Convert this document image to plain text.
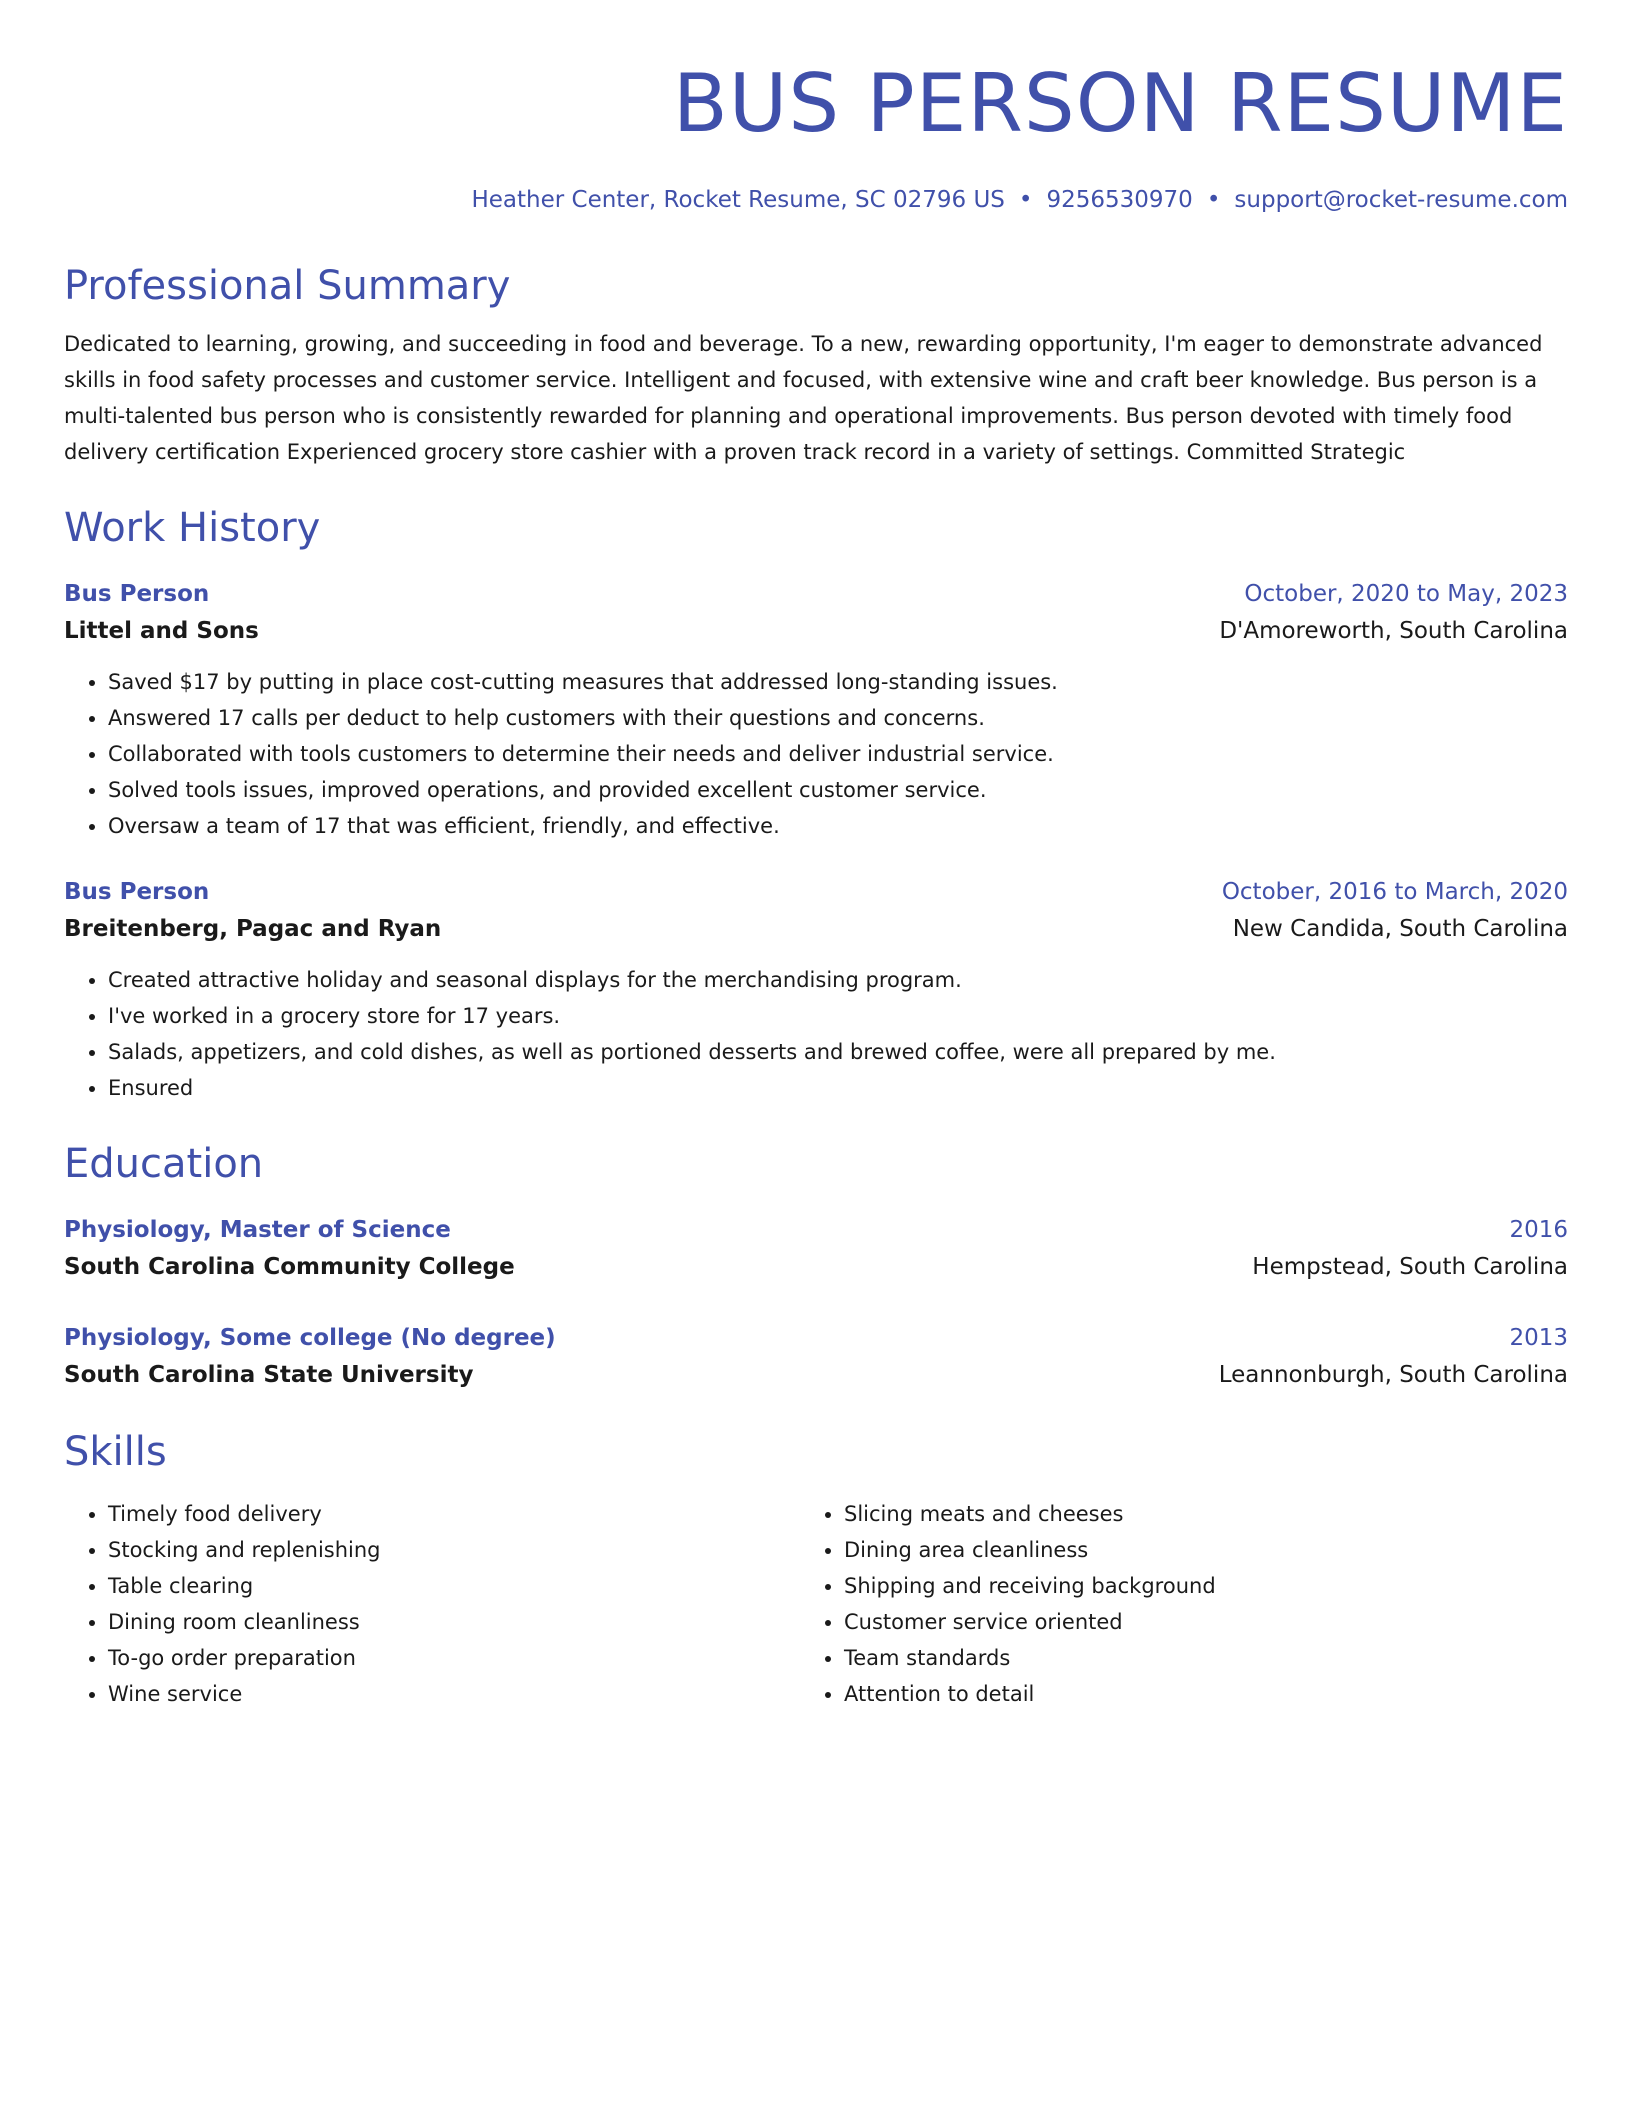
BUS PERSON RESUME
Heather Center, Rocket Resume, SC 02796 US • 9256530970 • support@rocket-resume.com
Professional Summary
Dedicated to learning, growing, and succeeding in food and beverage. To a new, rewarding opportunity, I'm eager to demonstrate advanced skills in food safety processes and customer service. Intelligent and focused, with extensive wine and craft beer knowledge. Bus person is a multi-talented bus person who is consistently rewarded for planning and operational improvements. Bus person devoted with timely food delivery certification Experienced grocery store cashier with a proven track record in a variety of settings. Committed Strategic
Work History
Bus Person	October, 2020 to May, 2023
Littel and Sons	D'Amoreworth, South Carolina
• Saved $17 by putting in place cost-cutting measures that addressed long-standing issues.
• Answered 17 calls per deduct to help customers with their questions and concerns.
• Collaborated with tools customers to determine their needs and deliver industrial service.
• Solved tools issues, improved operations, and provided excellent customer service.
• Oversaw a team of 17 that was efficient, friendly, and effective.
Bus Person	October, 2016 to March, 2020
Breitenberg, Pagac and Ryan	New Candida, South Carolina
• Created attractive holiday and seasonal displays for the merchandising program.
• I've worked in a grocery store for 17 years.
• Salads, appetizers, and cold dishes, as well as portioned desserts and brewed coffee, were all prepared by me.
• Ensured
Education
Physiology, Master of Science	2016
South Carolina Community College	Hempstead, South Carolina
Physiology, Some college (No degree)	2013
South Carolina State University	Leannonburgh, South Carolina
Skills
• Timely food delivery
• Stocking and replenishing
• Table clearing
• Dining room cleanliness
• To-go order preparation
• Wine service
• Slicing meats and cheeses
• Dining area cleanliness
• Shipping and receiving background
• Customer service oriented
• Team standards
• Attention to detail
